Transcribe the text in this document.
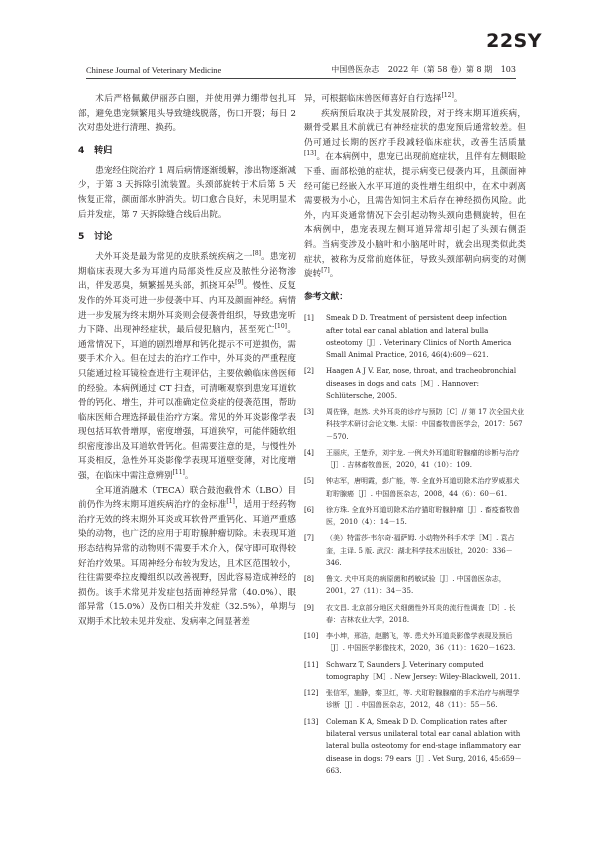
22SY
Chinese Journal of Veterinary Medicine	中国兽医杂志 2022 年（第 58 卷）第 8 期 103

术后严格佩戴伊丽莎白圈，并使用弹力绷带包扎耳部，避免患宠频繁甩头导致缝线脱落，伤口开裂；每日 2 次对患处进行清理、换药。

4 转归

患宠经住院治疗 1 周后病情逐渐缓解，渗出物逐渐减少，于第 3 天拆除引流装置。头颈部旋转于术后第 5 天恢复正常，颜面部水肿消失。切口愈合良好，未见明显术后并发症，第 7 天拆除缝合线后出院。

5 讨论

犬外耳炎是最为常见的皮肤系统疾病之一[8]。患宠初期临床表现大多为耳道内局部炎性反应及脓性分泌物渗出，伴发恶臭，频繁摇晃头部，抓挠耳朵[9]。慢性、反复发作的外耳炎可进一步侵袭中耳、内耳及颜面神经。病情进一步发展为终末期外耳炎则会侵袭骨组织，导致患宠听力下降、出现神经症状，最后侵犯脑内，甚至死亡[10]。通常情况下，耳道的剧烈增厚和钙化提示不可逆损伤，需要手术介入。但在过去的治疗工作中，外耳炎的严重程度只能通过检耳镜检查进行主观评估，主要依赖临床兽医师的经验。本病例通过 CT 扫查，可清晰观察到患宠耳道软骨的钙化、增生，并可以准确定位炎症的侵袭范围，帮助临床医师合理选择最佳治疗方案。常见的外耳炎影像学表现包括耳软骨增厚，密度增强，耳道狭窄，可能伴随软组织密度渗出及耳道软骨钙化。但需要注意的是，与慢性外耳炎相反，急性外耳炎影像学表现耳道壁变薄，对比度增强，在临床中需注意辨别[11]。

全耳道消融术（TECA）联合鼓泡截骨术（LBO）目前仍作为终末期耳道疾病治疗的金标准[1]，适用于经药物治疗无效的终末期外耳炎或耳软骨严重钙化、耳道严重感染的动物，也广泛的应用于耵聍腺肿瘤切除。未表现耳道形态结构异常的动物则不需要手术介入，保守即可取得较好治疗效果。耳周神经分布较为发达，且术区范围较小，往往需要牵拉皮瓣组织以改善视野，因此容易造成神经的损伤。该手术常见并发症包括面神经异常（40.0%）、眼部异常（15.0%）及伤口相关并发症（32.5%），单期与双期手术比较未见并发症、发病率之间显著差

异，可根据临床兽医师喜好自行选择[12]。

疾病预后取决于其发展阶段，对于终末期耳道疾病，颞骨受累且术前就已有神经症状的患宠预后通常较差。但仍可通过长期的医疗手段减轻临床症状，改善生活质量[13]。在本病例中，患宠已出现前庭症状，且伴有左侧眼睑下垂、面部松弛的症状，提示病变已侵袭内耳，且颜面神经可能已经嵌入水平耳道的炎性增生组织中，在术中剥离需要极为小心，且需告知饲主术后存在神经损伤风险。此外，内耳炎通常情况下会引起动物头颈向患侧旋转，但在本病例中，患宠表现左侧耳道异常却引起了头颈右侧歪斜。当病变涉及小脑叶和小脑尾叶时，就会出现类似此类症状，被称为反常前庭体征，导致头颈部朝向病变的对侧旋转[7]。

参考文献：
[1]	Smeak D D. Treatment of persistent deep infection after total ear canal ablation and lateral bulla osteotomy［J］. Veterinary Clinics of North America Small Animal Practice, 2016, 46(4):609－621.
[2]	Haagen A J V. Ear, nose, throat, and tracheobronchial diseases in dogs and cats［M］. Hannover: Schlütersche, 2005.
[3]	周佐锋，赵然. 犬外耳炎的诊疗与预防［C］// 第 17 次全国犬业科技学术研讨会论文集. 太原：中国畜牧兽医学会，2017：567－570.
[4]	王丽庆，王楚乔，刘宇龙. 一例犬外耳道耵聍腺瘤的诊断与治疗［J］. 吉林畜牧兽医，2020，41（10）：109.
[5]	钟志军，唐明霞，彭广能，等. 全直外耳道切除术治疗罗威那犬耵聍腺癌［J］. 中国兽医杂志，2008，44（6）：60－61.
[6]	徐方珠. 全直外耳道切除术治疗猫耵聍腺肿瘤［J］. 畜疫畜牧兽医，2010（4）：14－15.
[7]	（美）特雷莎·韦尔奇·福萨姆. 小动物外科手术学［M］. 袁占奎，主译. 5 版. 武汉：湖北科学技术出版社，2020：336－346.
[8]	鲁文. 犬中耳炎的病原菌和药敏试验［J］. 中国兽医杂志，2001，27（11）：34－35.
[9]	衣文昌. 北京部分地区犬细菌性外耳炎的流行性调查［D］. 长春：吉林农业大学，2018.
[10]	李小坤，邢浩，赵鹏飞，等. 患犬外耳道炎影像学表现及预后［J］. 中国医学影像技术，2020，36（11）：1620－1623.
[11]	Schwarz T, Saunders J. Veterinary computed tomography［M］. New Jersey: Wiley-Blackwell, 2011.
[12]	张信军，施静，秦卫红，等. 犬耵聍腺腺瘤的手术治疗与病理学诊断［J］. 中国兽医杂志，2012，48（11）：55－56.
[13]	Coleman K A, Smeak D D. Complication rates after bilateral versus unilateral total ear canal ablation with lateral bulla osteotomy for end-stage inflammatory ear disease in dogs: 79 ears［J］. Vet Surg, 2016, 45:659－663.
